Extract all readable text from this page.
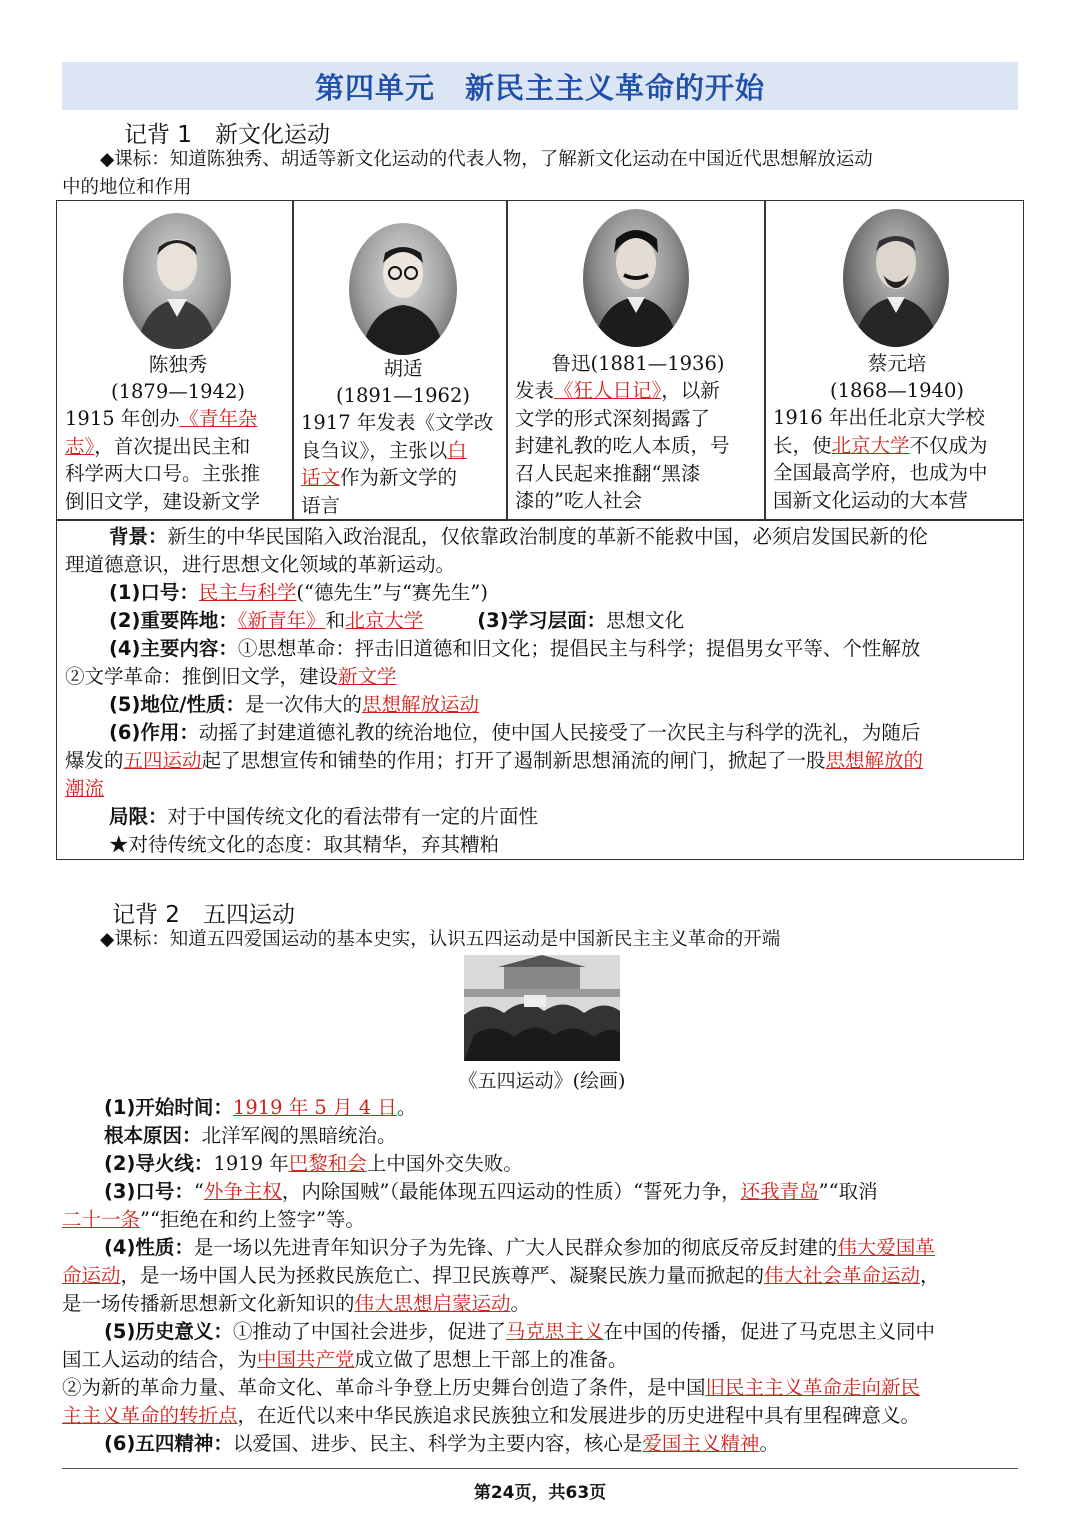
第四单元　新民主主义革命的开始
记背 1　新文化运动
◆课标：知道陈独秀、胡适等新文化运动的代表人物，了解新文化运动在中国近代思想解放运动
中的地位和作用
陈独秀
(1879—1942)
1915 年创办《青年杂
志》，首次提出民主和
科学两大口号。主张推
倒旧文学，建设新文学
胡适
(1891—1962)
1917 年发表《文学改
良刍议》，主张以白
话文作为新文学的
语言
鲁迅(1881—1936)
发表《狂人日记》，以新
文学的形式深刻揭露了
封建礼教的吃人本质，号
召人民起来推翻“黑漆
漆的”吃人社会
蔡元培
(1868—1940)
1916 年出任北京大学校
长，使北京大学不仅成为
全国最高学府，也成为中
国新文化运动的大本营
背景：新生的中华民国陷入政治混乱，仅依靠政治制度的革新不能救中国，必须启发国民新的伦
理道德意识，进行思想文化领域的革新运动。
(1)口号：民主与科学(“德先生”与“赛先生”)
(2)重要阵地：《新青年》和北京大学	(3)学习层面：思想文化
(4)主要内容：①思想革命：抨击旧道德和旧文化；提倡民主与科学；提倡男女平等、个性解放
②文学革命：推倒旧文学，建设新文学
(5)地位/性质：是一次伟大的思想解放运动
(6)作用：动摇了封建道德礼教的统治地位，使中国人民接受了一次民主与科学的洗礼，为随后
爆发的五四运动起了思想宣传和铺垫的作用；打开了遏制新思想涌流的闸门，掀起了一股思想解放的
潮流
局限：对于中国传统文化的看法带有一定的片面性
★对待传统文化的态度：取其精华，弃其糟粕
记背 2　五四运动
◆课标：知道五四爱国运动的基本史实，认识五四运动是中国新民主主义革命的开端
《五四运动》(绘画)
(1)开始时间：1919 年 5 月 4 日。
根本原因：北洋军阀的黑暗统治。
(2)导火线：1919 年巴黎和会上中国外交失败。
(3)口号：“外争主权，内除国贼”（最能体现五四运动的性质）“誓死力争，还我青岛”“取消
二十一条”“拒绝在和约上签字”等。
(4)性质：是一场以先进青年知识分子为先锋、广大人民群众参加的彻底反帝反封建的伟大爱国革
命运动，是一场中国人民为拯救民族危亡、捍卫民族尊严、凝聚民族力量而掀起的伟大社会革命运动，
是一场传播新思想新文化新知识的伟大思想启蒙运动。
(5)历史意义：①推动了中国社会进步，促进了马克思主义在中国的传播，促进了马克思主义同中
国工人运动的结合，为中国共产党成立做了思想上干部上的准备。
②为新的革命力量、革命文化、革命斗争登上历史舞台创造了条件，是中国旧民主主义革命走向新民
主主义革命的转折点，在近代以来中华民族追求民族独立和发展进步的历史进程中具有里程碑意义。
(6)五四精神：以爱国、进步、民主、科学为主要内容，核心是爱国主义精神。
第24页，共63页
